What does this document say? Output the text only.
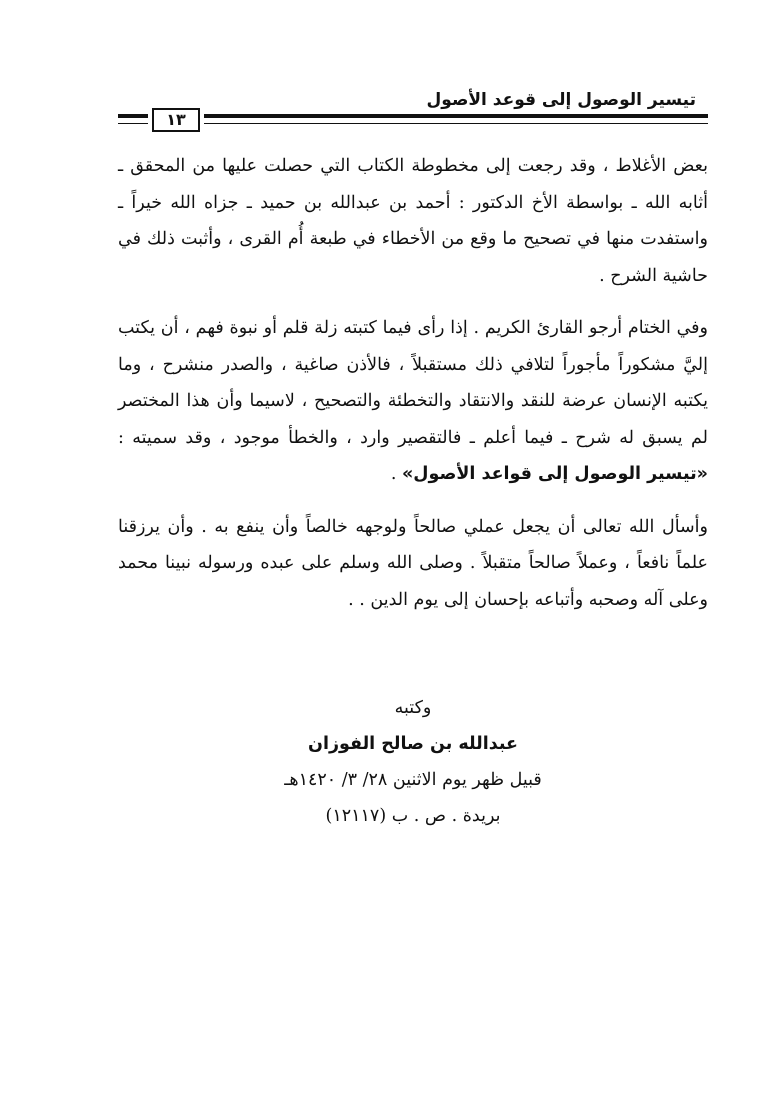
تيسير الوصول إلى قوعد الأصول
١٣

بعض الأغلاط ، وقد رجعت إلى مخطوطة الكتاب التي حصلت عليها من المحقق ـ أثابه الله ـ بواسطة الأخ الدكتور : أحمد بن عبدالله بن حميد ـ جزاه الله خيراً ـ واستفدت منها في تصحيح ما وقع من الأخطاء في طبعة أُم القرى ، وأثبت ذلك في حاشية الشرح .

وفي الختام أرجو القارئ الكريم . إذا رأى فيما كتبته زلة قلم أو نبوة فهم ، أن يكتب إليَّ مشكوراً مأجوراً لتلافي ذلك مستقبلاً ، فالأذن صاغية ، والصدر منشرح ، وما يكتبه الإنسان عرضة للنقد والانتقاد والتخطئة والتصحيح ، لاسيما وأن هذا المختصر لم يسبق له شرح ـ فيما أعلم ـ فالتقصير وارد ، والخطأ موجود ، وقد سميته : «تيسير الوصول إلى قواعد الأصول» .

وأسأل الله تعالى أن يجعل عملي صالحاً ولوجهه خالصاً وأن ينفع به . وأن يرزقنا علماً نافعاً ، وعملاً صالحاً متقبلاً . وصلى الله وسلم على عبده ورسوله نبينا محمد وعلى آله وصحبه وأتباعه بإحسان إلى يوم الدين . .

وكتبه
عبدالله بن صالح الفوزان
قبيل ظهر يوم الاثنين ٢٨/ ٣/ ١٤٢٠هـ
بريدة . ص . ب (١٢١١٧)
